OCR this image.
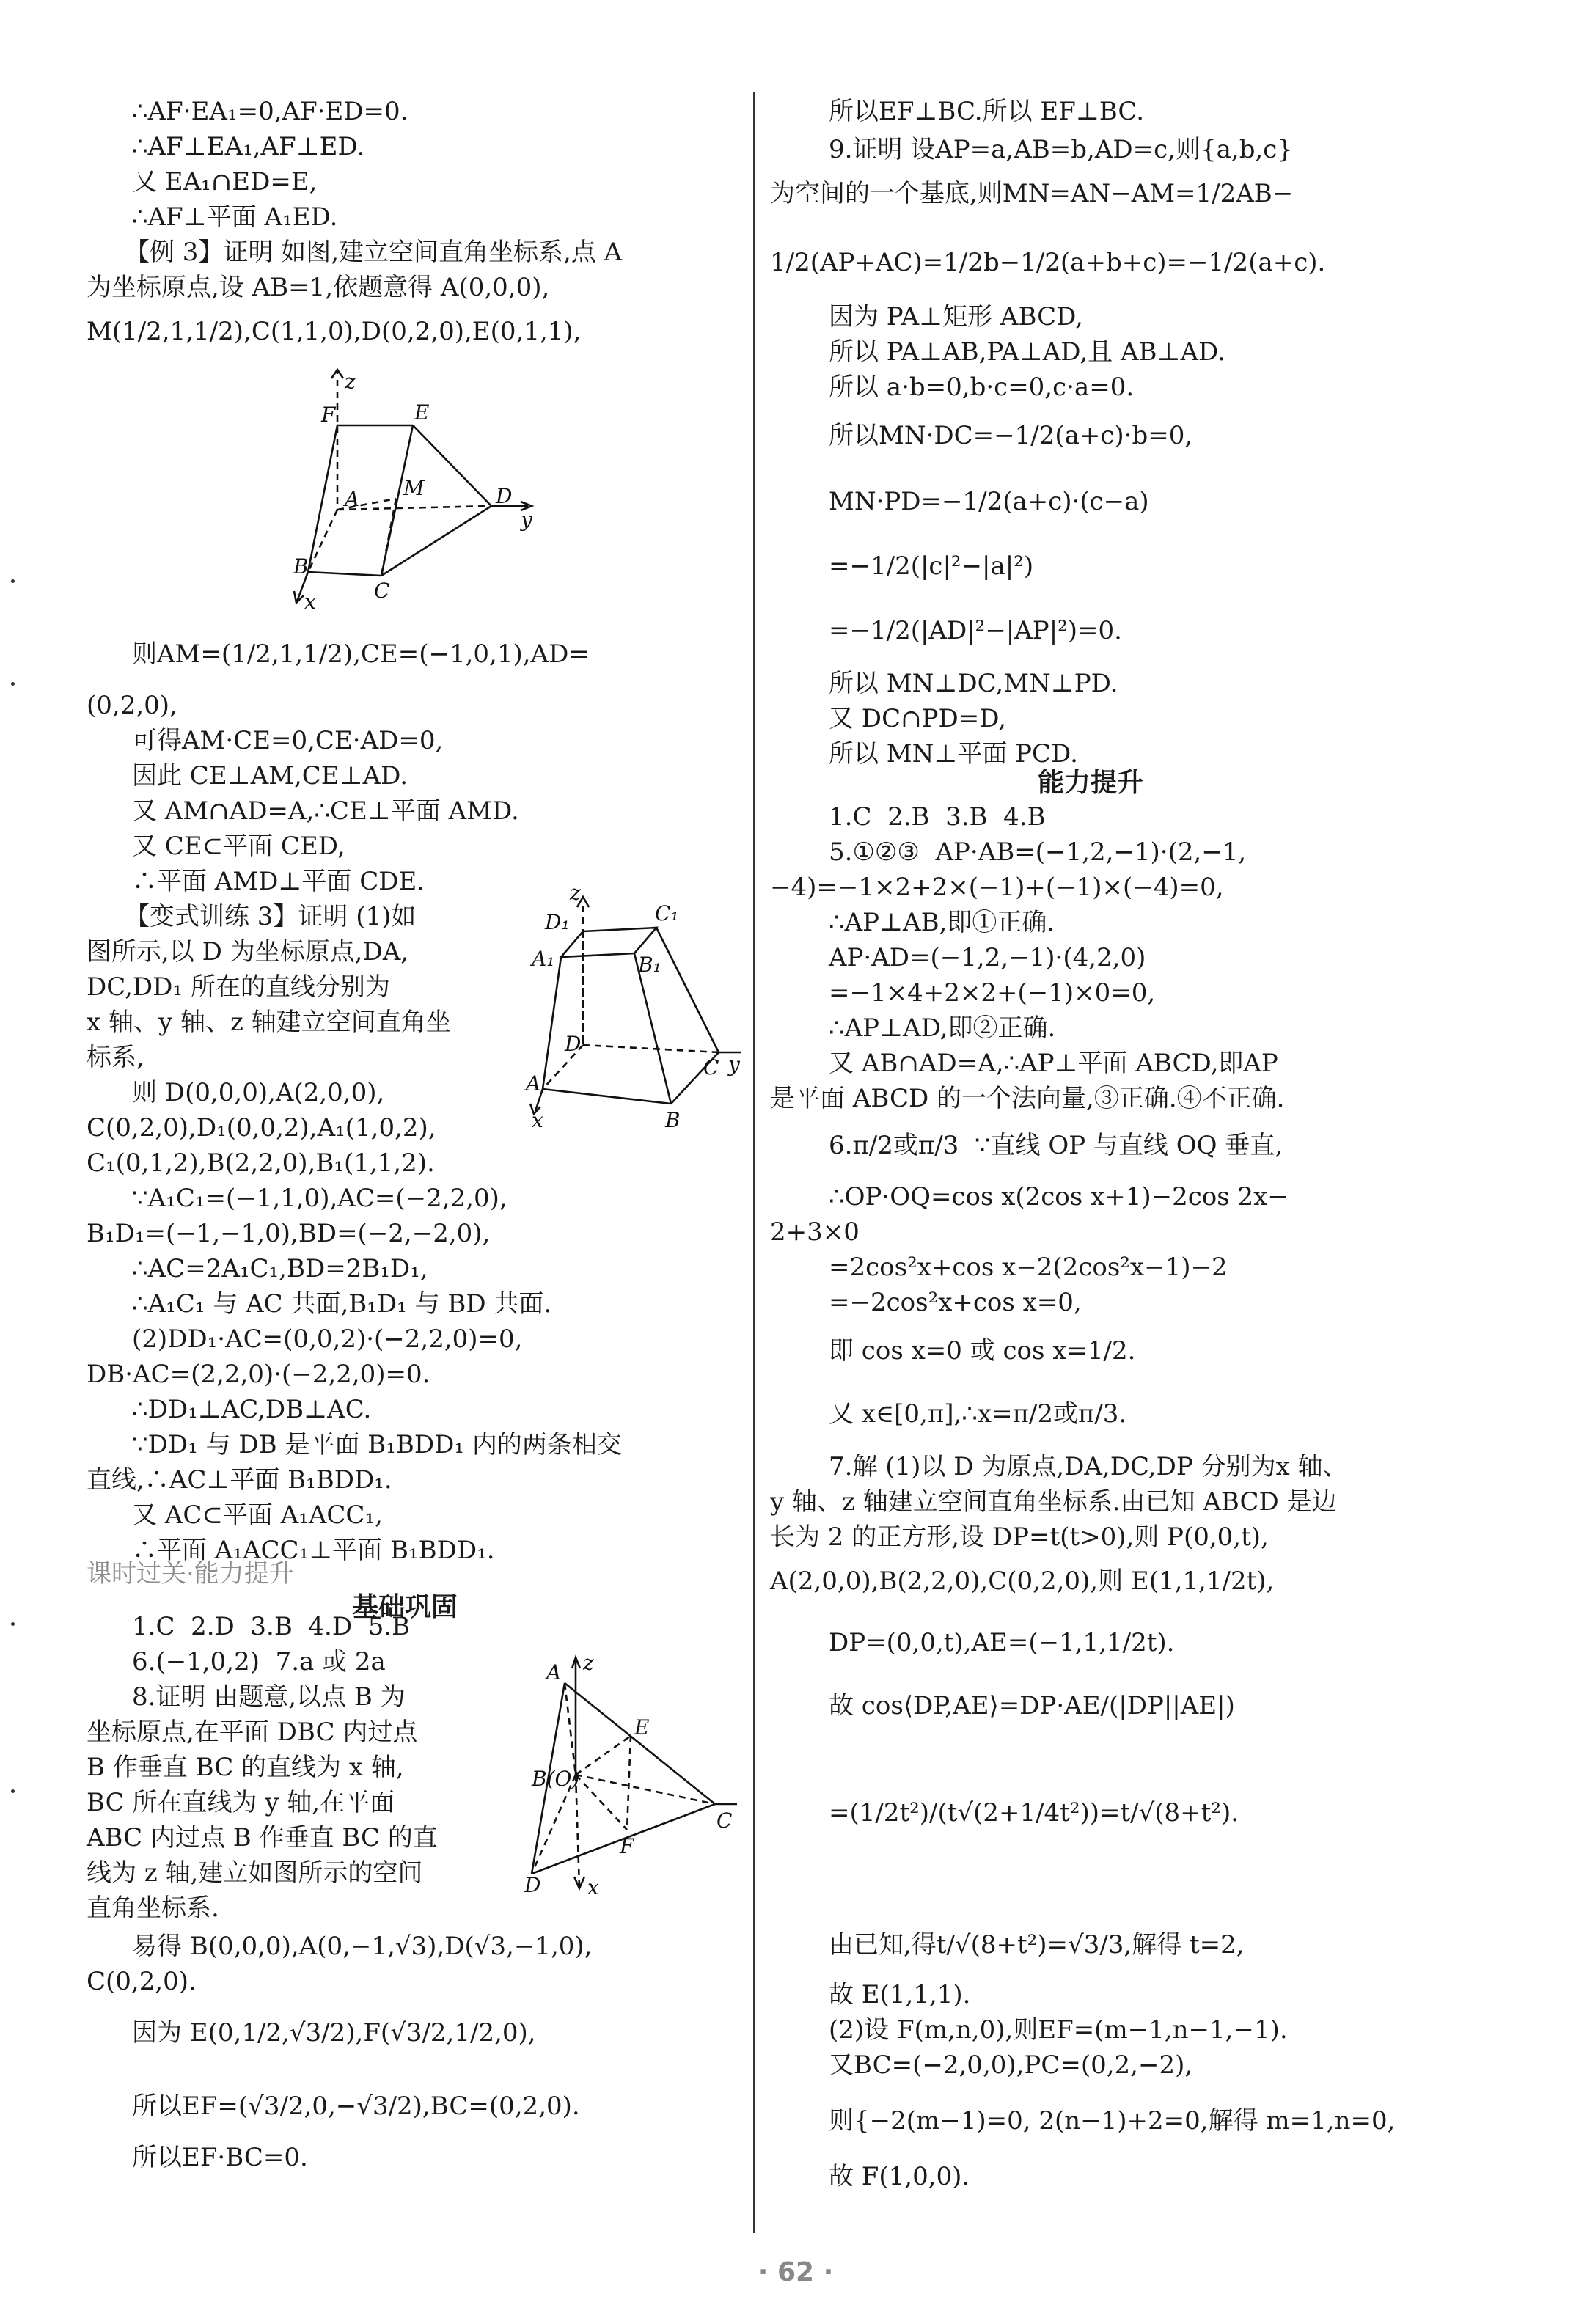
∴AF·EA₁=0,AF·ED=0.
∴AF⊥EA₁,AF⊥ED.
又 EA₁∩ED=E,
∴AF⊥平面 A₁ED.
【例 3】证明 如图,建立空间直角坐标系,点 A
为坐标原点,设 AB=1,依题意得 A(0,0,0),
M(1/2,1,1/2),C(1,1,0),D(0,2,0),E(0,1,1),
z
F	E
A M	D
y
B
C
x
则AM=(1/2,1,1/2),CE=(−1,0,1),AD=
(0,2,0),
可得AM·CE=0,CE·AD=0,
因此 CE⊥AM,CE⊥AD.
又 AM∩AD=A,∴CE⊥平面 AMD.
又 CE⊂平面 CED,
∴平面 AMD⊥平面 CDE.
【变式训练 3】证明 (1)如
图所示,以 D 为坐标原点,DA,
DC,DD₁ 所在的直线分别为
x 轴、y 轴、z 轴建立空间直角坐
标系,
则 D(0,0,0),A(2,0,0),
C(0,2,0),D₁(0,0,2),A₁(1,0,2),
C₁(0,1,2),B(2,2,0),B₁(1,1,2).
z
D₁	C₁
A₁	B₁
D
C y
A
B
x
∵A₁C₁=(−1,1,0),AC=(−2,2,0),
B₁D₁=(−1,−1,0),BD=(−2,−2,0),
∴AC=2A₁C₁,BD=2B₁D₁,
∴A₁C₁ 与 AC 共面,B₁D₁ 与 BD 共面.
(2)DD₁·AC=(0,0,2)·(−2,2,0)=0,
DB·AC=(2,2,0)·(−2,2,0)=0.
∴DD₁⊥AC,DB⊥AC.
∵DD₁ 与 DB 是平面 B₁BDD₁ 内的两条相交
直线,∴AC⊥平面 B₁BDD₁.
又 AC⊂平面 A₁ACC₁,
∴平面 A₁ACC₁⊥平面 B₁BDD₁.
课时过关·能力提升
基础巩固
1.C  2.D  3.B  4.D  5.B
6.(−1,0,2)  7.a 或 2a
8.证明 由题意,以点 B 为
坐标原点,在平面 DBC 内过点
B 作垂直 BC 的直线为 x 轴,
BC 所在直线为 y 轴,在平面
ABC 内过点 B 作垂直 BC 的直
线为 z 轴,建立如图所示的空间
直角坐标系.
z
A
E
B(O)
C
F
D x
易得 B(0,0,0),A(0,−1,√3),D(√3,−1,0),
C(0,2,0).
因为 E(0,1/2,√3/2),F(√3/2,1/2,0),
所以EF=(√3/2,0,−√3/2),BC=(0,2,0).
所以EF·BC=0.
所以EF⊥BC.所以 EF⊥BC.
9.证明 设AP=a,AB=b,AD=c,则{a,b,c}
为空间的一个基底,则MN=AN−AM=1/2AB−
1/2(AP+AC)=1/2b−1/2(a+b+c)=−1/2(a+c).
因为 PA⊥矩形 ABCD,
所以 PA⊥AB,PA⊥AD,且 AB⊥AD.
所以 a·b=0,b·c=0,c·a=0.
所以MN·DC=−1/2(a+c)·b=0,
MN·PD=−1/2(a+c)·(c−a)
=−1/2(|c|²−|a|²)
=−1/2(|AD|²−|AP|²)=0.
所以 MN⊥DC,MN⊥PD.
又 DC∩PD=D,
所以 MN⊥平面 PCD.
能力提升
1.C  2.B  3.B  4.B
5.①②③  AP·AB=(−1,2,−1)·(2,−1,
−4)=−1×2+2×(−1)+(−1)×(−4)=0,
∴AP⊥AB,即①正确.
AP·AD=(−1,2,−1)·(4,2,0)
=−1×4+2×2+(−1)×0=0,
∴AP⊥AD,即②正确.
又 AB∩AD=A,∴AP⊥平面 ABCD,即AP
是平面 ABCD 的一个法向量,③正确.④不正确.
6.π/2或π/3  ∵直线 OP 与直线 OQ 垂直,
∴OP·OQ=cos x(2cos x+1)−2cos 2x−
2+3×0
=2cos²x+cos x−2(2cos²x−1)−2
=−2cos²x+cos x=0,
即 cos x=0 或 cos x=1/2.
又 x∈[0,π],∴x=π/2或π/3.
7.解 (1)以 D 为原点,DA,DC,DP 分别为x 轴、
y 轴、z 轴建立空间直角坐标系.由已知 ABCD 是边
长为 2 的正方形,设 DP=t(t>0),则 P(0,0,t),
A(2,0,0),B(2,2,0),C(0,2,0),则 E(1,1,1/2t),
DP=(0,0,t),AE=(−1,1,1/2t).
故 cos⟨DP,AE⟩=DP·AE/(|DP||AE|)
=(1/2t²)/(t√(2+1/4t²))=t/√(8+t²).
由已知,得t/√(8+t²)=√3/3,解得 t=2,
故 E(1,1,1).
(2)设 F(m,n,0),则EF=(m−1,n−1,−1).
又BC=(−2,0,0),PC=(0,2,−2),
则{−2(m−1)=0, 2(n−1)+2=0,解得 m=1,n=0,
故 F(1,0,0).
· 62 ·
